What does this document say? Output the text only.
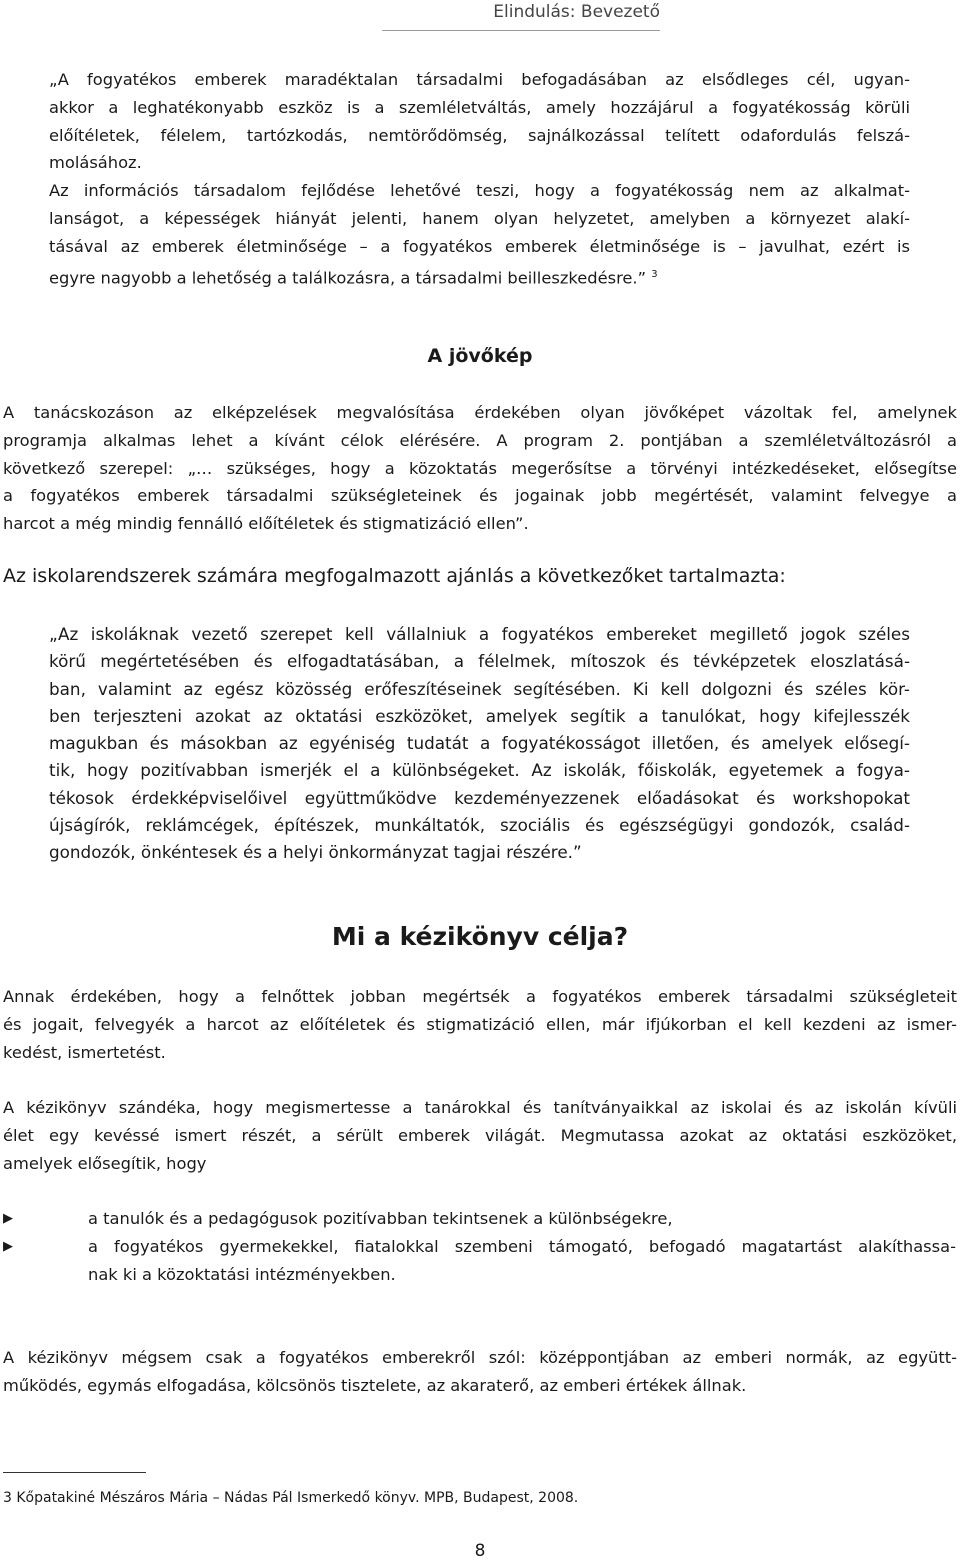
Elindulás: Bevezető
„A fogyatékos emberek maradéktalan társadalmi befogadásában az elsődleges cél, ugyan-
akkor a leghatékonyabb eszköz is a szemléletváltás, amely hozzájárul a fogyatékosság körüli
előítéletek, félelem, tartózkodás, nemtörődömség, sajnálkozással telített odafordulás felszá-
molásához.
Az információs társadalom fejlődése lehetővé teszi, hogy a fogyatékosság nem az alkalmat-
lanságot, a képességek hiányát jelenti, hanem olyan helyzetet, amelyben a környezet alakí-
tásával az emberek életminősége – a fogyatékos emberek életminősége is – javulhat, ezért is
egyre nagyobb a lehetőség a találkozásra, a társadalmi beilleszkedésre.” $^3$
A jövőkép
A tanácskozáson az elképzelések megvalósítása érdekében olyan jövőképet vázoltak fel, amelynek
programja alkalmas lehet a kívánt célok elérésére. A program 2. pontjában a szemléletváltozásról a
következő szerepel: „… szükséges, hogy a közoktatás megerősítse a törvényi intézkedéseket, elősegítse
a fogyatékos emberek társadalmi szükségleteinek és jogainak jobb megértését, valamint felvegye a
harcot a még mindig fennálló előítéletek és stigmatizáció ellen”.
Az iskolarendszerek számára megfogalmazott ajánlás a következőket tartalmazta:
„Az iskoláknak vezető szerepet kell vállalniuk a fogyatékos embereket megillető jogok széles
körű megértetésében és elfogadtatásában, a félelmek, mítoszok és tévképzetek eloszlatásá-
ban, valamint az egész közösség erőfeszítéseinek segítésében. Ki kell dolgozni és széles kör-
ben terjeszteni azokat az oktatási eszközöket, amelyek segítik a tanulókat, hogy kifejlesszék
magukban és másokban az egyéniség tudatát a fogyatékosságot illetően, és amelyek elősegí-
tik, hogy pozitívabban ismerjék el a különbségeket. Az iskolák, főiskolák, egyetemek a fogya-
tékosok érdekképviselőivel együttműködve kezdeményezzenek előadásokat és workshopokat
újságírók, reklámcégek, építészek, munkáltatók, szociális és egészségügyi gondozók, család-
gondozók, önkéntesek és a helyi önkormányzat tagjai részére.”
Mi a kézikönyv célja?
Annak érdekében, hogy a felnőttek jobban megértsék a fogyatékos emberek társadalmi szükségleteit
és jogait, felvegyék a harcot az előítéletek és stigmatizáció ellen, már ifjúkorban el kell kezdeni az ismer-
kedést, ismertetést.
A kézikönyv szándéka, hogy megismertesse a tanárokkal és tanítványaikkal az iskolai és az iskolán kívüli
élet egy kevéssé ismert részét, a sérült emberek világát. Megmutassa azokat az oktatási eszközöket,
amelyek elősegítik, hogy
▶	a tanulók és a pedagógusok pozitívabban tekintsenek a különbségekre,
▶	a fogyatékos gyermekekkel, fiatalokkal szembeni támogató, befogadó magatartást alakíthassa-
nak ki a közoktatási intézményekben.
A kézikönyv mégsem csak a fogyatékos emberekről szól: középpontjában az emberi normák, az együtt-
működés, egymás elfogadása, kölcsönös tisztelete, az akaraterő, az emberi értékek állnak.
3 Kőpatakiné Mészáros Mária – Nádas Pál Ismerkedő könyv. MPB, Budapest, 2008.
8
